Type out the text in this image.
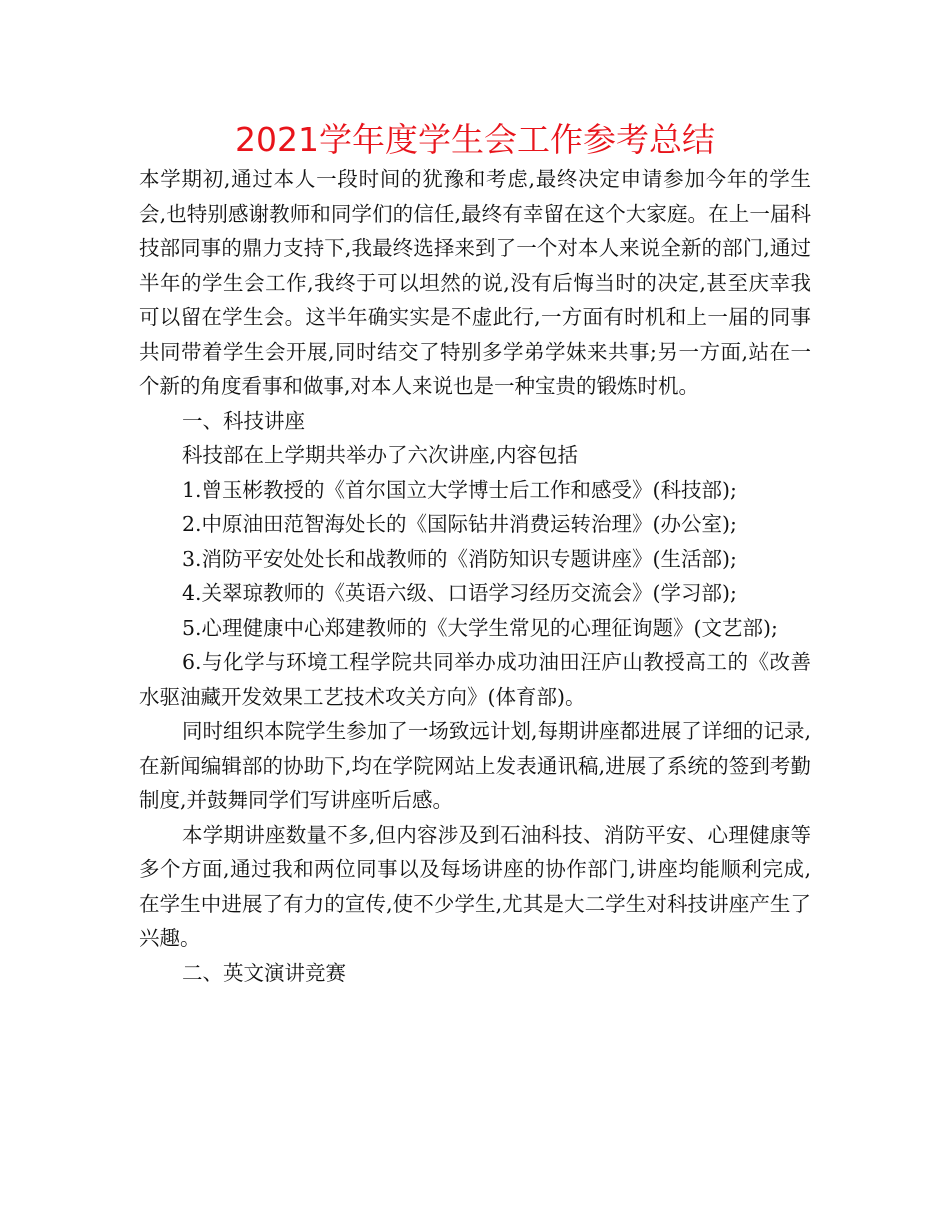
2021学年度学生会工作参考总结

本学期初,通过本人一段时间的犹豫和考虑,最终决定申请参加今年的学生会,也特别感谢教师和同学们的信任,最终有幸留在这个大家庭。在上一届科技部同事的鼎力支持下,我最终选择来到了一个对本人来说全新的部门,通过半年的学生会工作,我终于可以坦然的说,没有后悔当时的决定,甚至庆幸我可以留在学生会。这半年确实实是不虚此行,一方面有时机和上一届的同事共同带着学生会开展,同时结交了特别多学弟学妹来共事;另一方面,站在一个新的角度看事和做事,对本人来说也是一种宝贵的锻炼时机。

一、科技讲座

科技部在上学期共举办了六次讲座,内容包括

1.曾玉彬教授的《首尔国立大学博士后工作和感受》(科技部);

2.中原油田范智海处长的《国际钻井消费运转治理》(办公室);

3.消防平安处处长和战教师的《消防知识专题讲座》(生活部);

4.关翠琼教师的《英语六级、口语学习经历交流会》(学习部);

5.心理健康中心郑建教师的《大学生常见的心理征询题》(文艺部);

6.与化学与环境工程学院共同举办成功油田汪庐山教授高工的《改善水驱油藏开发效果工艺技术攻关方向》(体育部)。

同时组织本院学生参加了一场致远计划,每期讲座都进展了详细的记录,在新闻编辑部的协助下,均在学院网站上发表通讯稿,进展了系统的签到考勤制度,并鼓舞同学们写讲座听后感。

本学期讲座数量不多,但内容涉及到石油科技、消防平安、心理健康等多个方面,通过我和两位同事以及每场讲座的协作部门,讲座均能顺利完成,在学生中进展了有力的宣传,使不少学生,尤其是大二学生对科技讲座产生了兴趣。

二、英文演讲竞赛
